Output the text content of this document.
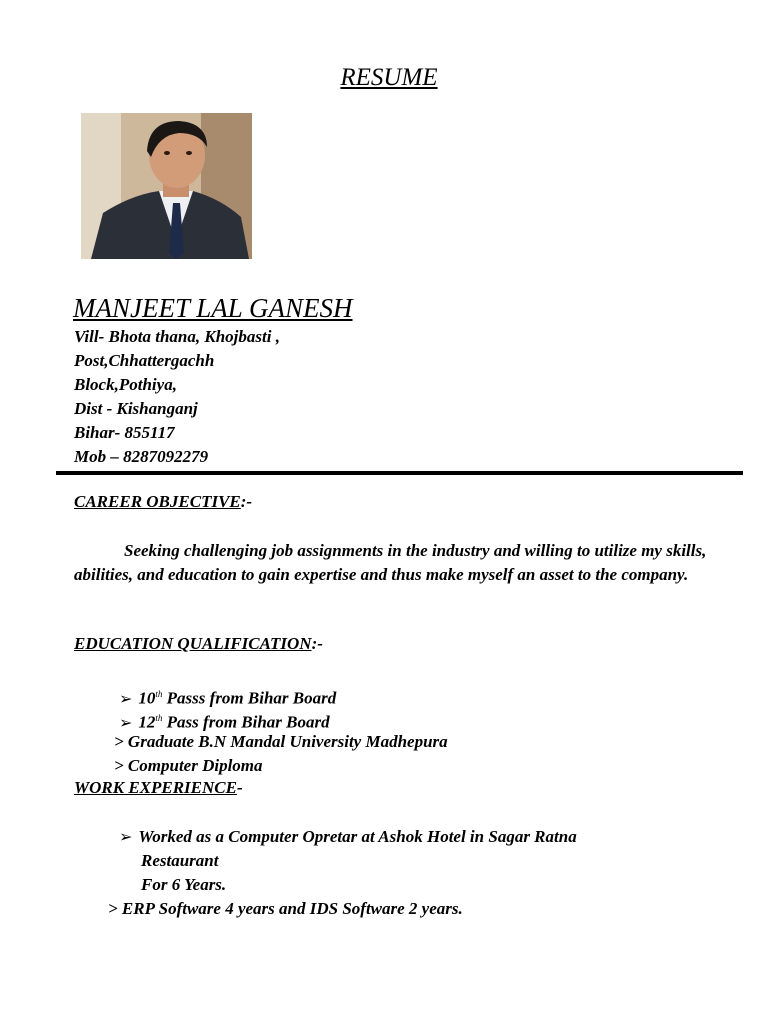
RESUME
MANJEET LAL GANESH
Vill- Bhota thana, Khojbasti ,
Post,Chhattergachh
Block,Pothiya,
Dist - Kishanganj
Bihar- 855117
Mob – 8287092279
CAREER OBJECTIVE:-
Seeking challenging job assignments in the industry and willing to utilize my skills, abilities, and education to gain expertise and thus make myself an asset to the company.
EDUCATION QUALIFICATION:-
➢ 10th Passs from Bihar Board
➢ 12th Pass from Bihar Board
> Graduate B.N Mandal University Madhepura
> Computer Diploma
WORK EXPERIENCE-
➢ Worked as a Computer Opretar at Ashok Hotel in Sagar Ratna
Restaurant
For 6 Years.
> ERP Software 4 years and IDS Software 2 years.
